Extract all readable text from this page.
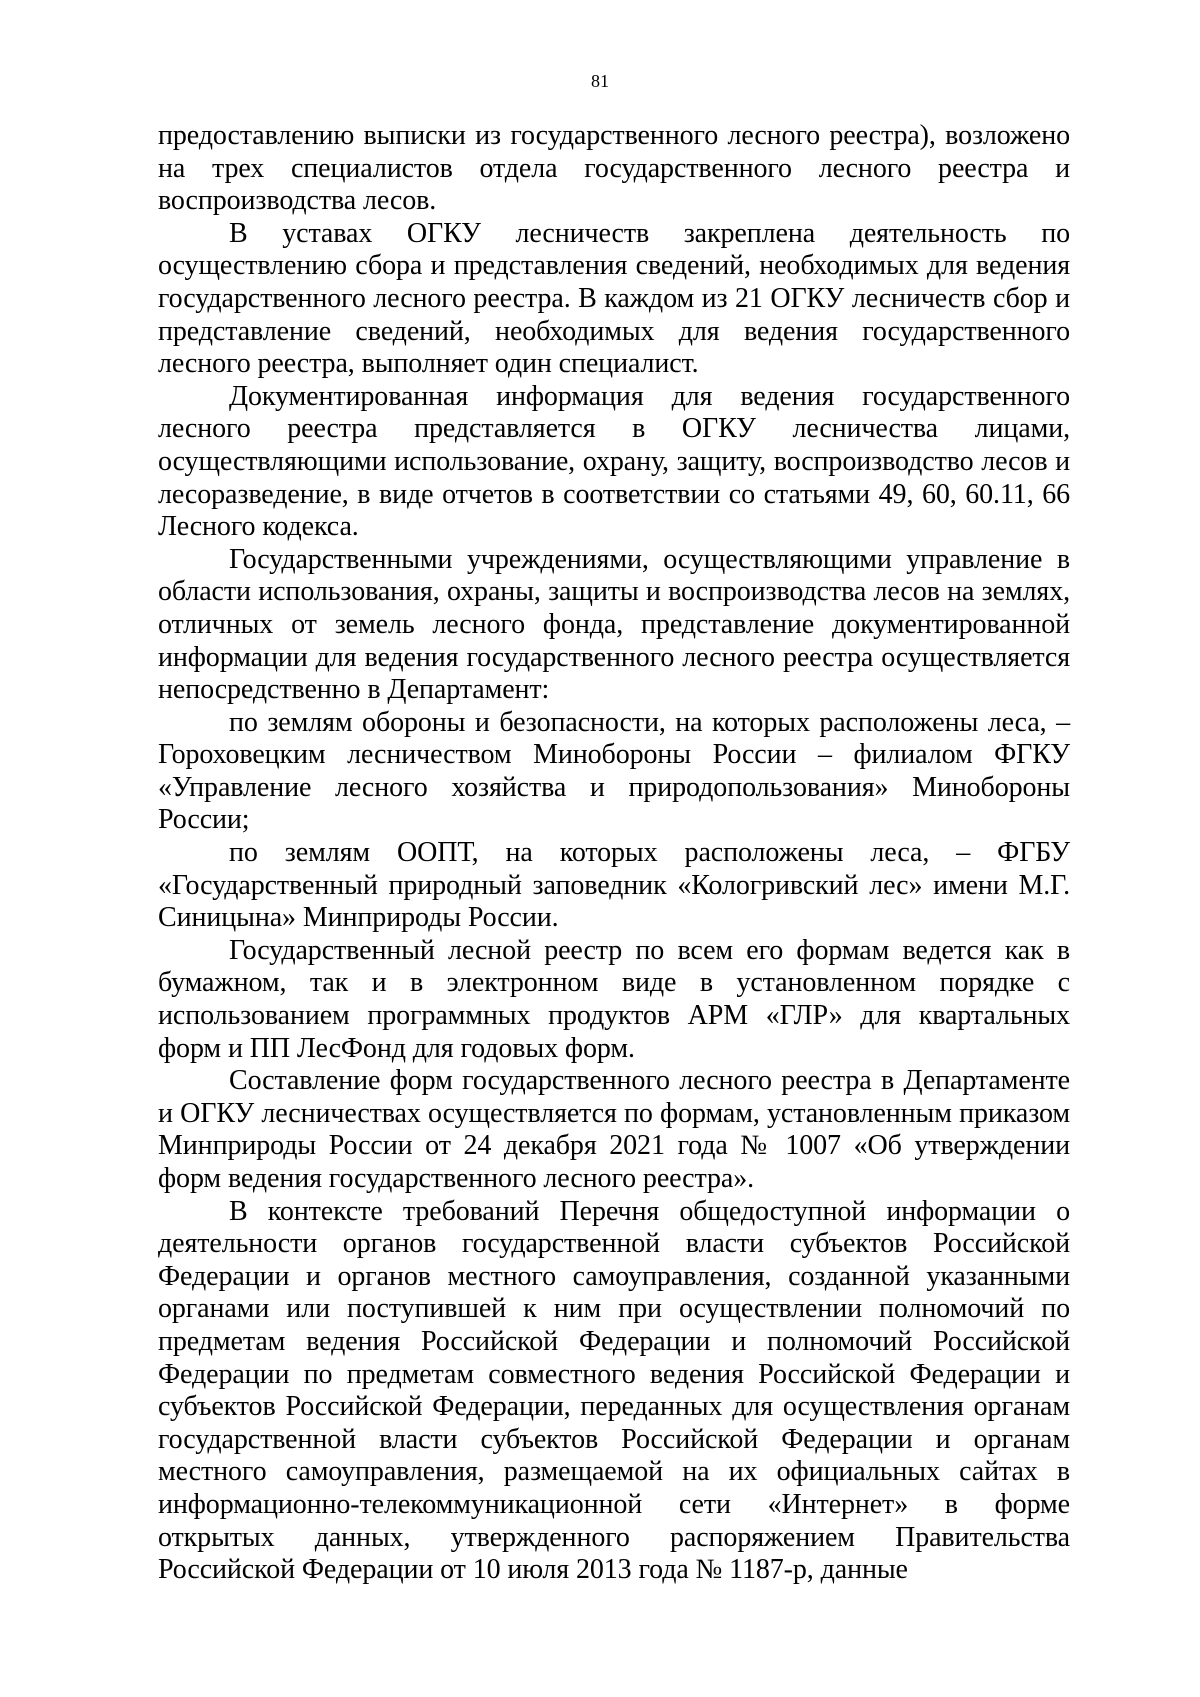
81

предоставлению выписки из государственного лесного реестра), возложено на трех специалистов отдела государственного лесного реестра и воспроизводства лесов.

В уставах ОГКУ лесничеств закреплена деятельность по осуществлению сбора и представления сведений, необходимых для ведения государственного лесного реестра. В каждом из 21 ОГКУ лесничеств сбор и представление сведений, необходимых для ведения государственного лесного реестра, выполняет один специалист.

Документированная информация для ведения государственного лесного реестра представляется в ОГКУ лесничества лицами, осуществляющими использование, охрану, защиту, воспроизводство лесов и лесоразведение, в виде отчетов в соответствии со статьями 49, 60, 60.11, 66 Лесного кодекса.

Государственными учреждениями, осуществляющими управление в области использования, охраны, защиты и воспроизводства лесов на землях, отличных от земель лесного фонда, представление документированной информации для ведения государственного лесного реестра осуществляется непосредственно в Департамент:

по землям обороны и безопасности, на которых расположены леса, – Гороховецким лесничеством Минобороны России – филиалом ФГКУ «Управление лесного хозяйства и природопользования» Минобороны России;

по землям ООПТ, на которых расположены леса, – ФГБУ «Государственный природный заповедник «Кологривский лес» имени М.Г. Синицына» Минприроды России.

Государственный лесной реестр по всем его формам ведется как в бумажном, так и в электронном виде в установленном порядке с использованием программных продуктов АРМ «ГЛР» для квартальных форм и ПП ЛесФонд для годовых форм.

Составление форм государственного лесного реестра в Департаменте и ОГКУ лесничествах осуществляется по формам, установленным приказом Минприроды России от 24 декабря 2021 года № 1007 «Об утверждении форм ведения государственного лесного реестра».

В контексте требований Перечня общедоступной информации о деятельности органов государственной власти субъектов Российской Федерации и органов местного самоуправления, созданной указанными органами или поступившей к ним при осуществлении полномочий по предметам ведения Российской Федерации и полномочий Российской Федерации по предметам совместного ведения Российской Федерации и субъектов Российской Федерации, переданных для осуществления органам государственной власти субъектов Российской Федерации и органам местного самоуправления, размещаемой на их официальных сайтах в информационно-телекоммуникационной сети «Интернет» в форме открытых данных, утвержденного распоряжением Правительства Российской Федерации от 10 июля 2013 года № 1187-р, данные
